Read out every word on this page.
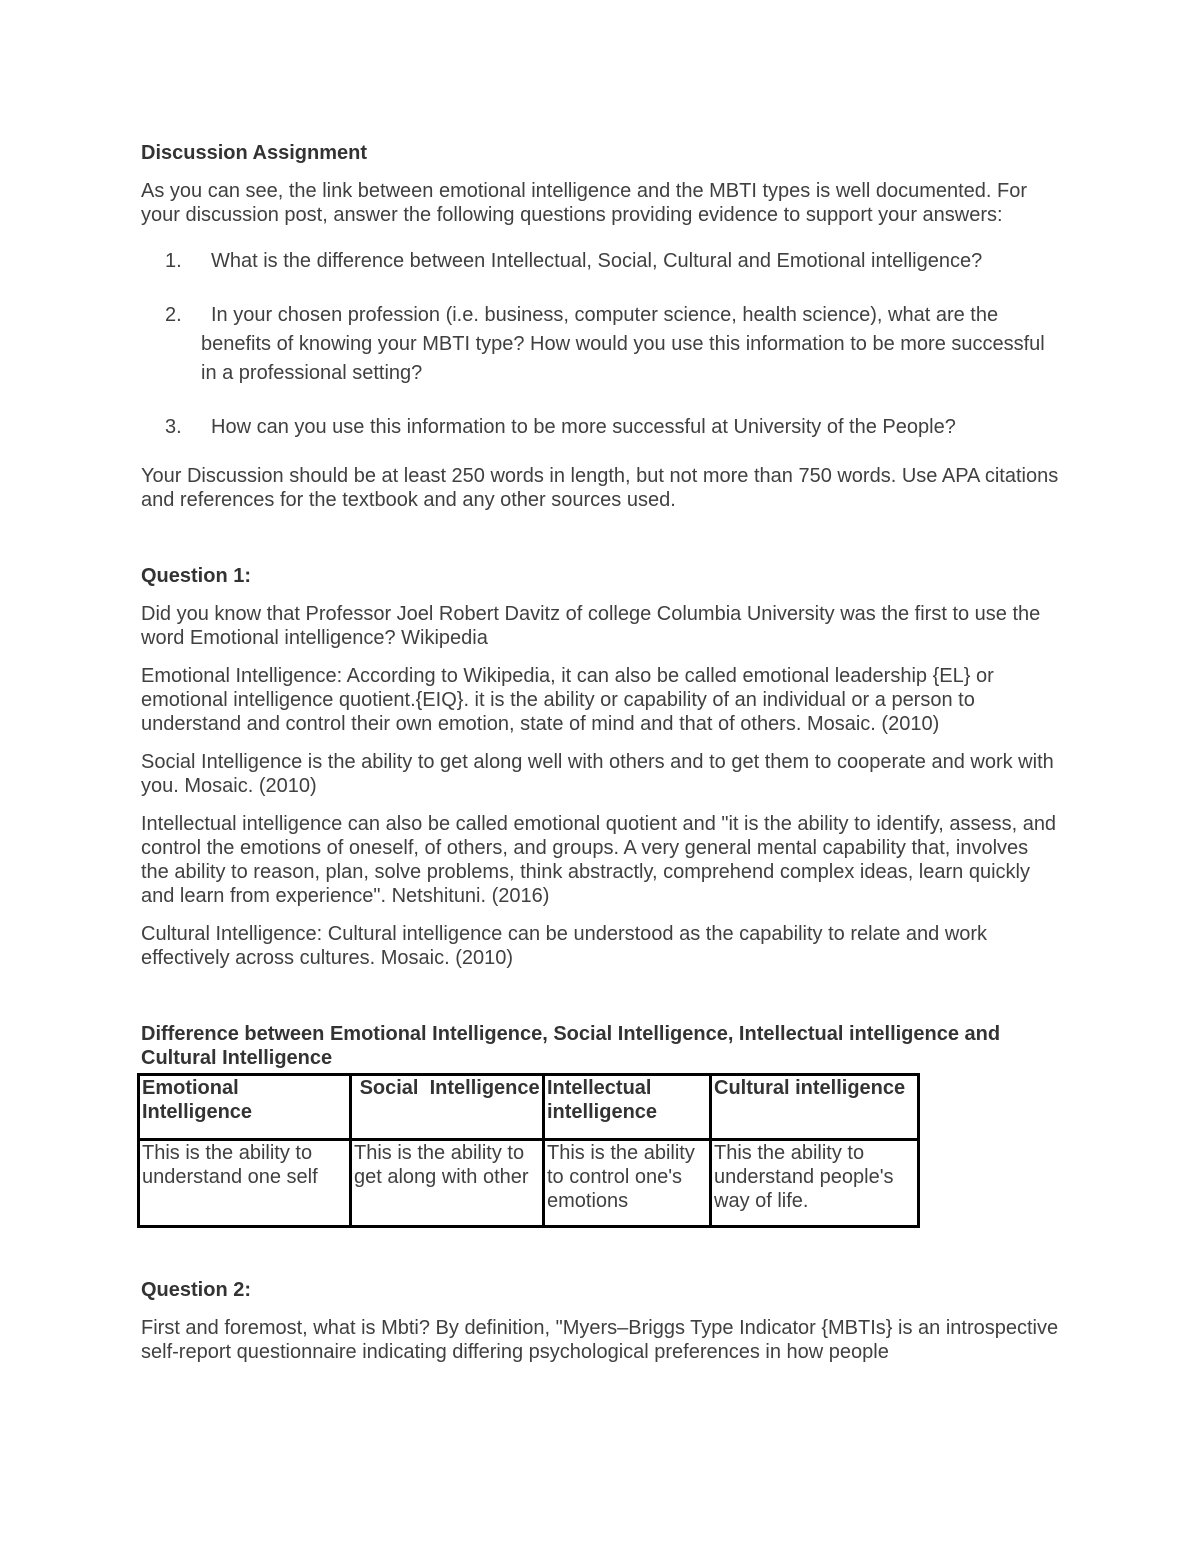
Discussion Assignment

As you can see, the link between emotional intelligence and the MBTI types is well documented. For your discussion post, answer the following questions providing evidence to support your answers:

1.	What is the difference between Intellectual, Social, Cultural and Emotional intelligence?
2.	In your chosen profession (i.e. business, computer science, health science), what are the benefits of knowing your MBTI type? How would you use this information to be more successful in a professional setting?
3.	How can you use this information to be more successful at University of the People?

Your Discussion should be at least 250 words in length, but not more than 750 words. Use APA citations and references for the textbook and any other sources used.

Question 1:

Did you know that Professor Joel Robert Davitz of college Columbia University was the first to use the word Emotional intelligence? Wikipedia

Emotional Intelligence: According to Wikipedia, it can also be called emotional leadership {EL} or emotional intelligence quotient.{EIQ}. it is the ability or capability of an individual or a person to understand and control their own emotion, state of mind and that of others. Mosaic. (2010)

Social Intelligence is the ability to get along well with others and to get them to cooperate and work with you. Mosaic. (2010)

Intellectual intelligence can also be called emotional quotient and "it is the ability to identify, assess, and control the emotions of oneself, of others, and groups. A very general mental capability that, involves the ability to reason, plan, solve problems, think abstractly, comprehend complex ideas, learn quickly and learn from experience". Netshituni. (2016)

Cultural Intelligence: Cultural intelligence can be understood as the capability to relate and work effectively across cultures. Mosaic. (2010)

Difference between Emotional Intelligence, Social Intelligence, Intellectual intelligence and Cultural Intelligence

Emotional Intelligence	Social  Intelligence	Intellectual intelligence	Cultural intelligence
This is the ability to understand one self	This is the ability to get along with other	This is the ability to control one's emotions	This the ability to understand people's way of life.

Question 2:

First and foremost, what is Mbti? By definition, "Myers–Briggs Type Indicator {MBTIs} is an introspective self-report questionnaire indicating differing psychological preferences in how people
